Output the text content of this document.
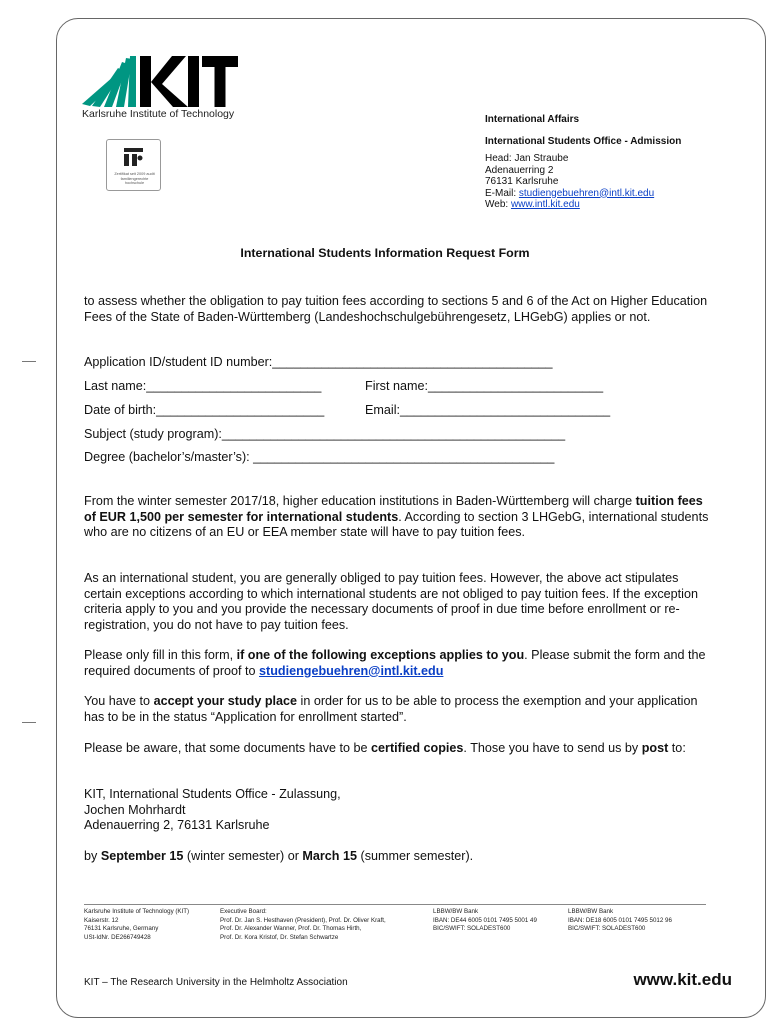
Karlsruhe Institute of Technology
Zertifikat seit 2009 audit familiengerechte hochschule
International Affairs
International Students Office - Admission
Head: Jan Straube
Adenauerring 2
76131 Karlsruhe
E-Mail: studiengebuehren@intl.kit.edu
Web: www.intl.kit.edu
International Students Information Request Form
to assess whether the obligation to pay tuition fees according to sections 5 and 6 of the Act on Higher Education Fees of the State of Baden-Württemberg (Landeshochschulgebührengesetz, LHGebG) applies or not.
Application ID/student ID number:________________________________________
Last name:_________________________	First name:_________________________
Date of birth:________________________	Email:______________________________
Subject (study program):_________________________________________________
Degree (bachelor’s/master’s): ___________________________________________
From the winter semester 2017/18, higher education institutions in Baden-Württemberg will charge tuition fees of EUR 1,500 per semester for international students. According to section 3 LHGebG, international students who are no citizens of an EU or EEA member state will have to pay tuition fees.
As an international student, you are generally obliged to pay tuition fees. However, the above act stipulates certain exceptions according to which international students are not obliged to pay tuition fees. If the exception criteria apply to you and you provide the necessary documents of proof in due time before enrollment or re-registration, you do not have to pay tuition fees.
Please only fill in this form, if one of the following exceptions applies to you. Please submit the form and the required documents of proof to studiengebuehren@intl.kit.edu
You have to accept your study place in order for us to be able to process the exemption and your application has to be in the status “Application for enrollment started”.
Please be aware, that some documents have to be certified copies. Those you have to send us by post to:
KIT, International Students Office - Zulassung,
Jochen Mohrhardt
Adenauerring 2, 76131 Karlsruhe
by September 15 (winter semester) or March 15 (summer semester).
Karlsruhe Institute of Technology (KIT)
Kaiserstr. 12
76131 Karlsruhe, Germany
USt-IdNr. DE266749428
Executive Board:
Prof. Dr. Jan S. Hesthaven (President), Prof. Dr. Oliver Kraft,
Prof. Dr. Alexander Wanner, Prof. Dr. Thomas Hirth,
Prof. Dr. Kora Kristof, Dr. Stefan Schwartze
LBBW/BW Bank
IBAN: DE44 6005 0101 7495 5001 49
BIC/SWIFT: SOLADEST600
LBBW/BW Bank
IBAN: DE18 6005 0101 7495 5012 96
BIC/SWIFT: SOLADEST600
KIT – The Research University in the Helmholtz Association	www.kit.edu
